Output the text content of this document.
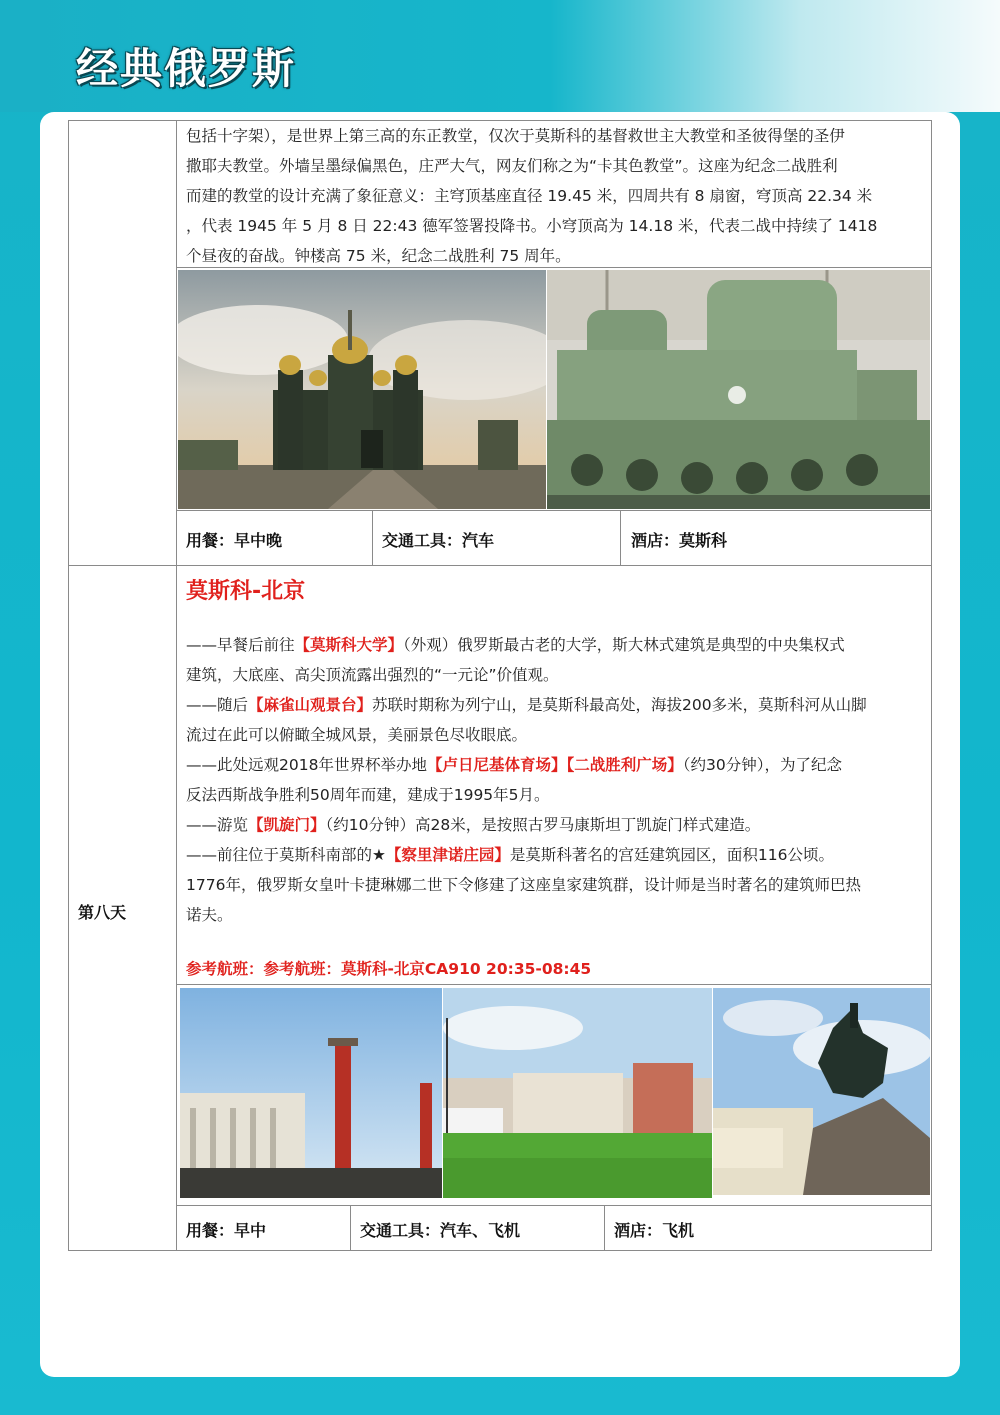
经典俄罗斯

包括十字架），是世界上第三高的东正教堂，仅次于莫斯科的基督救世主大教堂和圣彼得堡的圣伊

撒耶夫教堂。外墙呈墨绿偏黑色，庄严大气，网友们称之为“卡其色教堂”。这座为纪念二战胜利

而建的教堂的设计充满了象征意义：主穹顶基座直径 19.45 米，四周共有 8 扇窗，穹顶高 22.34 米

，代表 1945 年 5 月 8 日 22:43 德军签署投降书。小穹顶高为 14.18 米，代表二战中持续了 1418

个昼夜的奋战。钟楼高 75 米，纪念二战胜利 75 周年。

用餐：早中晚	交通工具：汽车	酒店：莫斯科
第八天
莫斯科-北京

——早餐后前往【莫斯科大学】（外观）俄罗斯最古老的大学，斯大林式建筑是典型的中央集权式

建筑，大底座、高尖顶流露出强烈的“一元论”价值观。

——随后【麻雀山观景台】苏联时期称为列宁山，是莫斯科最高处，海拔200多米，莫斯科河从山脚

流过在此可以俯瞰全城风景，美丽景色尽收眼底。

——此处远观2018年世界杯举办地【卢日尼基体育场】【二战胜利广场】（约30分钟），为了纪念

反法西斯战争胜利50周年而建，建成于1995年5月。

——游览【凯旋门】（约10分钟）高28米，是按照古罗马康斯坦丁凯旋门样式建造。

——前往位于莫斯科南部的★【察里津诺庄园】是莫斯科著名的宫廷建筑园区，面积116公顷。

1776年，俄罗斯女皇叶卡捷琳娜二世下令修建了这座皇家建筑群，设计师是当时著名的建筑师巴热

诺夫。

参考航班：参考航班：莫斯科-北京CA910 20:35-08:45
用餐：早中	交通工具：汽车、飞机	酒店：飞机
